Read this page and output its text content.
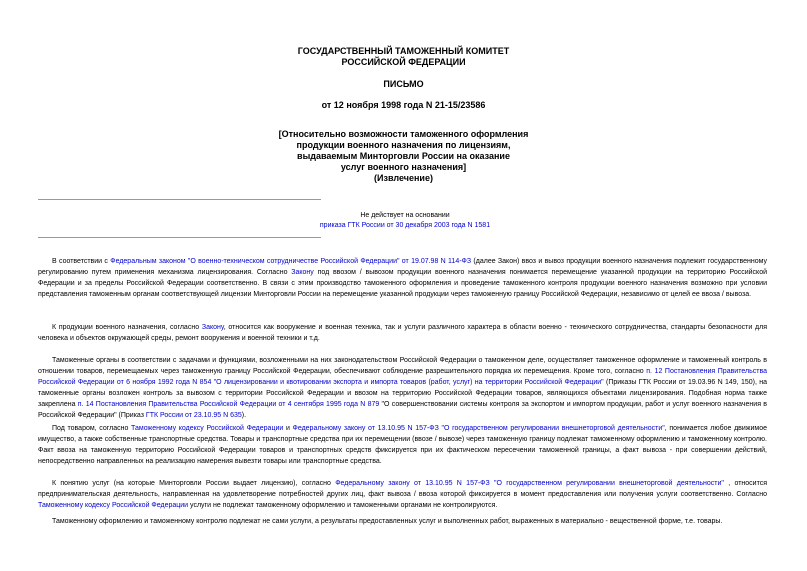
ГОСУДАРСТВЕННЫЙ ТАМОЖЕННЫЙ КОМИТЕТ
РОССИЙСКОЙ ФЕДЕРАЦИИ
ПИСЬМО
от 12 ноября 1998 года N 21-15/23586
[Относительно возможности таможенного оформления
продукции военного назначения по лицензиям,
выдаваемым Минторговли России на оказание
услуг военного назначения]
(Извлечение)
Не действует на основании
приказа ГТК России от 30 декабря 2003 года N 1581

В соответствии с Федеральным законом "О военно-техническом сотрудничестве Российской Федерации" от 19.07.98 N 114-ФЗ (далее Закон) ввоз и вывоз продукции военного назначения подлежит государственному регулированию путем применения механизма лицензирования. Согласно Закону под ввозом / вывозом продукции военного назначения понимается перемещение указанной продукции на территорию Российской Федерации и за пределы Российской Федерации соответственно. В связи с этим производство таможенного оформления и проведение таможенного контроля продукции военного назначения возможно при условии представления таможенным органам соответствующей лицензии Минторговли России на перемещение указанной продукции через таможенную границу Российской Федерации, независимо от целей ее ввоза / вывоза.

К продукции военного назначения, согласно Закону, относится как вооружение и военная техника, так и услуги различного характера в области военно - технического сотрудничества, стандарты безопасности для человека и объектов окружающей среды, ремонт вооружения и военной техники и т.д.

Таможенные органы в соответствии с задачами и функциями, возложенными на них законодательством Российской Федерации о таможенном деле, осуществляет таможенное оформление и таможенный контроль в отношении товаров, перемещаемых через таможенную границу Российской Федерации, обеспечивают соблюдение разрешительного порядка их перемещения. Кроме того, согласно п. 12 Постановления Правительства Российской Федерации от 6 ноября 1992 года N 854 "О лицензировании и квотировании экспорта и импорта товаров (работ, услуг) на территории Российской Федерации" (Приказы ГТК России от 19.03.96 N 149, 150), на таможенные органы возложен контроль за вывозом с территории Российской Федерации и ввозом на территорию Российской Федерации товаров, являющихся объектами лицензирования. Подобная норма также закреплена п. 14 Постановления Правительства Российской Федерации от 4 сентября 1995 года N 879 "О совершенствовании системы контроля за экспортом и импортом продукции, работ и услуг военного назначения в Российской Федерации" (Приказ ГТК России от 23.10.95 N 635).

Под товаром, согласно Таможенному кодексу Российской Федерации и Федеральному закону от 13.10.95 N 157-ФЗ "О государственном регулировании внешнеторговой деятельности", понимается любое движимое имущество, а также собственные транспортные средства. Товары и транспортные средства при их перемещении (ввозе / вывозе) через таможенную границу подлежат таможенному оформлению и таможенному контролю. Факт ввоза на таможенную территорию Российской Федерации товаров и транспортных средств фиксируется при их фактическом пересечении таможенной границы, а факт вывоза - при совершении действий, непосредственно направленных на реализацию намерения вывезти товары или транспортные средства.

К понятию услуг (на которые Минторговли России выдает лицензию), согласно Федеральному закону от 13.10.95 N 157-ФЗ "О государственном регулировании внешнеторговой деятельности" , относится предпринимательская деятельность, направленная на удовлетворение потребностей других лиц, факт вывоза / ввоза которой фиксируется в момент предоставления или получения услуги соответственно. Согласно Таможенному кодексу Российской Федерации услуги не подлежат таможенному оформлению и таможенными органами не контролируются.

Таможенному оформлению и таможенному контролю подлежат не сами услуги, а результаты предоставленных услуг и выполненных работ, выраженных в материально - вещественной форме, т.е. товары.
